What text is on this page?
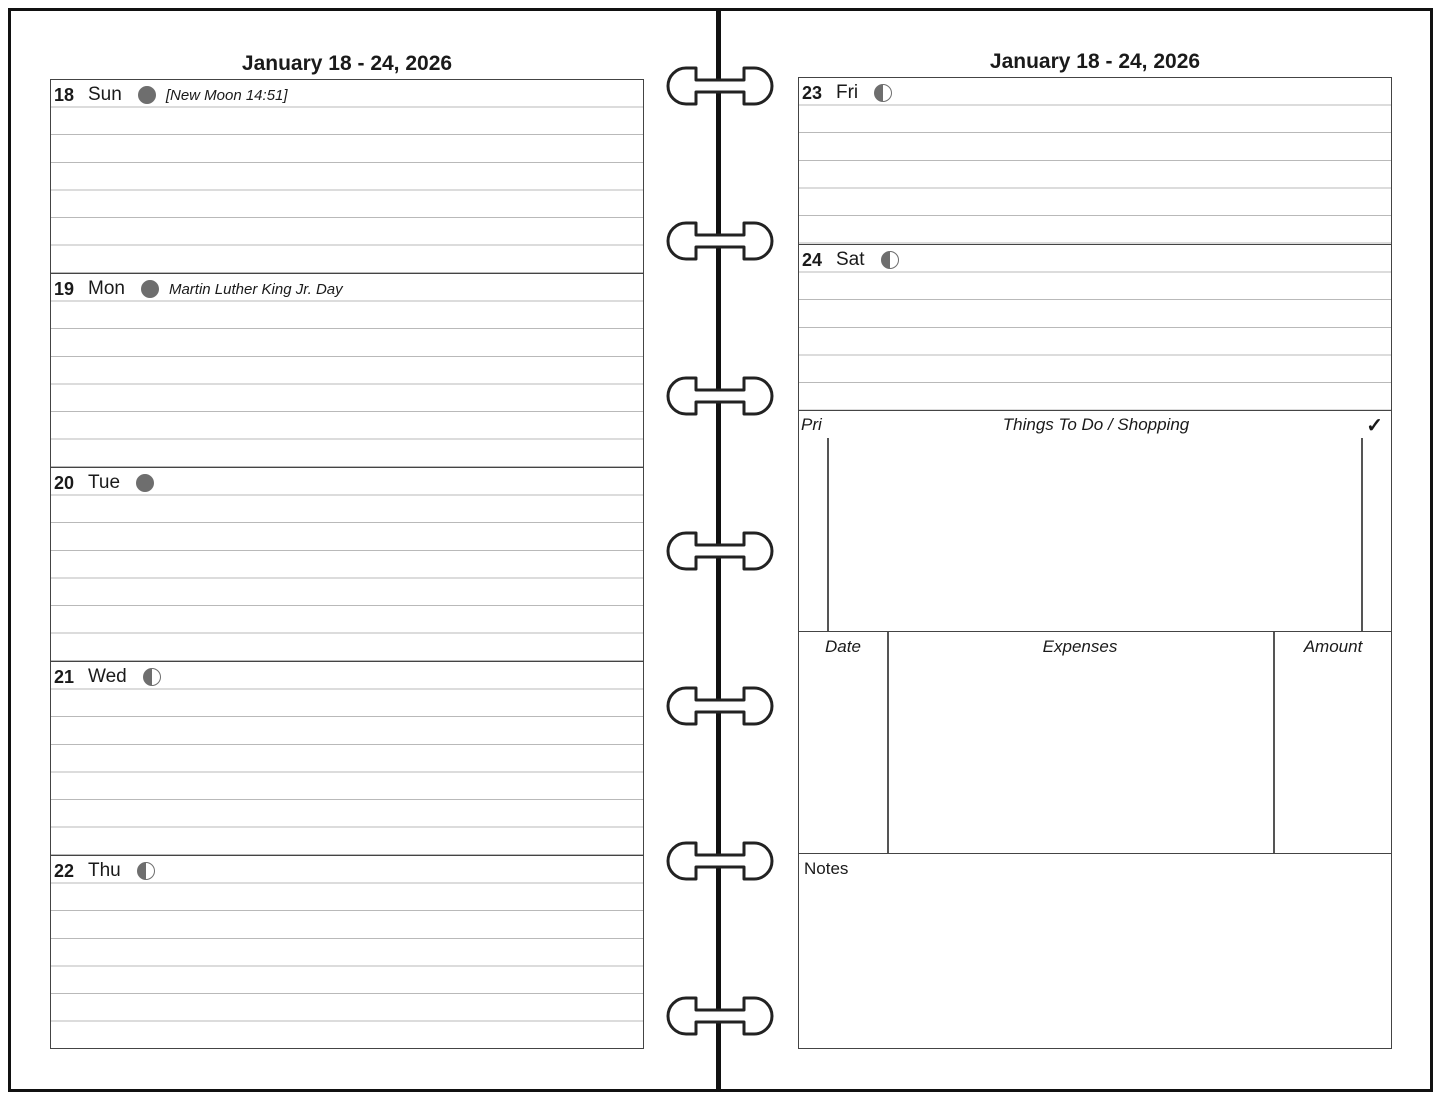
January 18 - 24, 2026
18 Sun	[New Moon 14:51]
19 Mon	Martin Luther King Jr. Day
20 Tue
21 Wed
22 Thu
January 18 - 24, 2026
23 Fri
24 Sat
Pri	Things To Do / Shopping	✓
Date	Expenses	Amount
Notes
